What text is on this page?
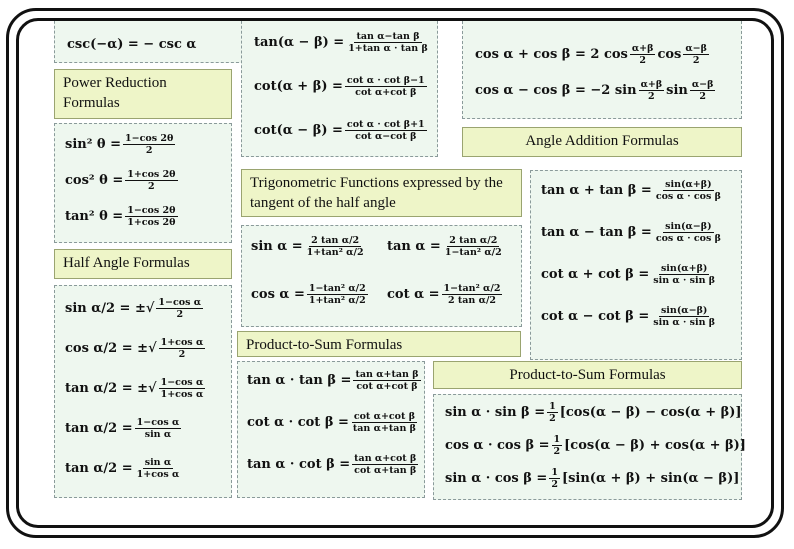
csc(−α) = − csc α
Power Reduction Formulas
Half Angle Formulas
Trigonometric Functions expressed by the tangent of the half angle
Product-to-Sum Formulas
Angle Addition Formulas
Product-to-Sum Formulas
sin² $\theta = \frac{1-\cos 2\theta}{2}$
cos² $\theta = \frac{1+\cos 2\theta}{2}$
tan² $\theta = \frac{1-\cos 2\theta}{1+\cos 2\theta}$
sin α/2 = ±√ $\frac{\text{1−cos α}}{2}$
cos α/2 = ±√ $\frac{\text{1+cos α}}{2}$
tan α/2 = ±√ $\frac{\text{1−cos α}}{\text{1+cos α}}$
$\tan \alpha/2 = \frac{\text{1−cos α}}{\text{sin α}}$
$\tan \alpha/2 = \frac{\text{sin α}}{\text{1+cos α}}$
$\tan(\alpha - \beta) = \frac{\text{tan α−tan β}}{\text{1+tan α · tan β}}$
$\cot(\alpha + \beta) = \frac{\text{cot α · cot β−1}}{\text{cot α+cot β}}$
$\cot(\alpha - \beta) = \frac{\text{cot α · cot β+1}}{\text{cot α−cot β}}$
$\sin \alpha = \frac{\text{2 tan α/2}}{\text{1+tan² α/2}}$ $\tan \alpha = \frac{\text{2 tan α/2}}{\text{1−tan² α/2}}$
$\cos \alpha = \frac{\text{1−tan² α/2}}{\text{1+tan² α/2}}$ $\cot \alpha = \frac{\text{1−tan² α/2}}{\text{2 tan α/2}}$
$\tan \alpha \cdot \tan \beta = \frac{\text{tan α+tan β}}{\text{cot α+cot β}}$
$\cot \alpha \cdot \cot \beta = \frac{\text{cot α+cot β}}{\text{tan α+tan β}}$
$\tan \alpha \cdot \cot \beta = \frac{\text{tan α+cot β}}{\text{cot α+tan β}}$
cos α + cos β = 2 $\cos \frac{\alpha+\beta}{2}$ $\cos \frac{\alpha-\beta}{2}$
cos α − cos β = −2 $\sin \frac{\alpha+\beta}{2}$ $\sin \frac{\alpha-\beta}{2}$
$\tan \alpha + \tan \beta = \frac{\sin(\alpha+\beta)}{\text{cos α · cos β}}$
$\tan \alpha - \tan \beta = \frac{\sin(\alpha-\beta)}{\text{cos α · cos β}}$
$\cot \alpha + \cot \beta = \frac{\sin(\alpha+\beta)}{\text{sin α · sin β}}$
$\cot \alpha - \cot \beta = \frac{\sin(\alpha-\beta)}{\text{sin α · sin β}}$
$\sin \alpha \cdot \sin \beta = \frac{1}{2} [\cos(\alpha - \beta) - \cos(\alpha + \beta)]$
$\cos \alpha \cdot \cos \beta = \frac{1}{2} [\cos(\alpha - \beta) + \cos(\alpha + \beta)]$
$\sin \alpha \cdot \cos \beta = \frac{1}{2} [\sin(\alpha + \beta) + \sin(\alpha - \beta)]$
